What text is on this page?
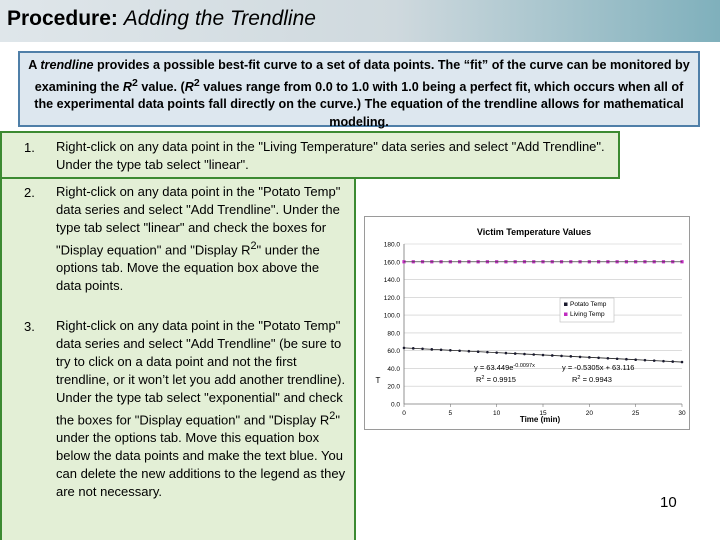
Procedure: Adding the Trendline
A trendline provides a possible best-fit curve to a set of data points. The “fit” of the curve can be monitored by examining the $R^2$ value. ($R^2$ values range from 0.0 to 1.0 with 1.0 being a perfect fit, which occurs when all of the experimental data points fall directly on the curve.) The equation of the trendline allows for mathematical modeling.
1. Right-click on any data point in the "Living Temperature" data series and select "Add Trendline". Under the type tab select "linear".
2. Right-click on any data point in the "Potato Temp" data series and select "Add Trendline". Under the type tab select "linear" and check the boxes for "Display equation" and "Display $R^2$" under the options tab. Move the equation box above the data points.
3. Right-click on any data point in the "Potato Temp" data series and select "Add Trendline" (be sure to try to click on a data point and not the first trendline, or it won’t let you add another trendline). Under the type tab select "exponential" and check the boxes for "Display equation" and "Display $R^2$" under the options tab. Move this equation box below the data points and make the text blue. You can delete the new additions to the legend as they are not necessary.
Victim Temperature Values
0.0
20.0
40.0
60.0
80.0
100.0
120.0
140.0
160.0
180.0
0	5	10	15	20	25	30
Time (min)
T
$y = 63.449e^{-0.0097x}$
$R^2 = 0.9915$
y = -0.5305x + 63.116
$R^2 = 0.9943$
Potato Temp
Living Temp
10
